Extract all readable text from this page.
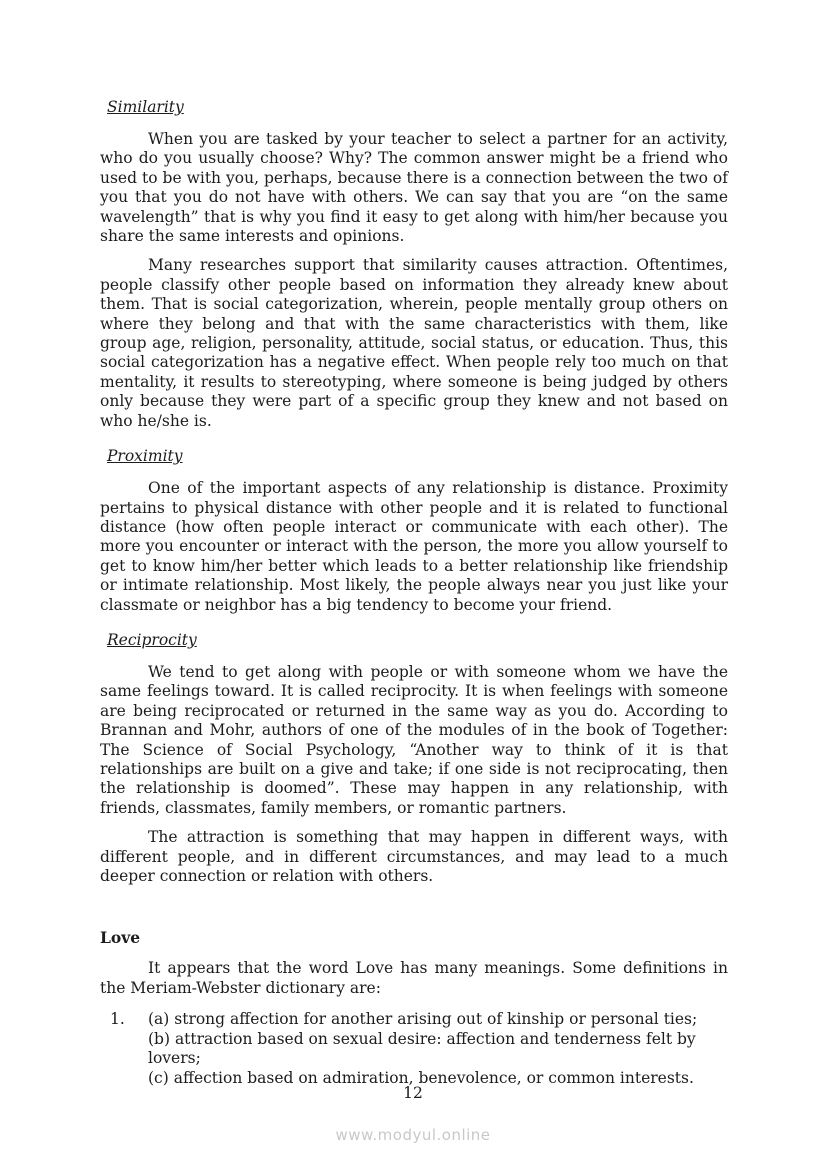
Similarity

When you are tasked by your teacher to select a partner for an activity, who do you usually choose? Why? The common answer might be a friend who used to be with you, perhaps, because there is a connection between the two of you that you do not have with others. We can say that you are “on the same wavelength” that is why you find it easy to get along with him/her because you share the same interests and opinions.

Many researches support that similarity causes attraction. Oftentimes, people classify other people based on information they already knew about them. That is social categorization, wherein, people mentally group others on where they belong and that with the same characteristics with them, like group age, religion, personality, attitude, social status, or education. Thus, this social categorization has a negative effect. When people rely too much on that mentality, it results to stereotyping, where someone is being judged by others only because they were part of a specific group they knew and not based on who he/she is.

Proximity

One of the important aspects of any relationship is distance. Proximity pertains to physical distance with other people and it is related to functional distance (how often people interact or communicate with each other). The more you encounter or interact with the person, the more you allow yourself to get to know him/her better which leads to a better relationship like friendship or intimate relationship. Most likely, the people always near you just like your classmate or neighbor has a big tendency to become your friend.

Reciprocity

We tend to get along with people or with someone whom we have the same feelings toward. It is called reciprocity. It is when feelings with someone are being reciprocated or returned in the same way as you do. According to Brannan and Mohr, authors of one of the modules of in the book of Together: The Science of Social Psychology, “Another way to think of it is that relationships are built on a give and take; if one side is not reciprocating, then the relationship is doomed”. These may happen in any relationship, with friends, classmates, family members, or romantic partners.

The attraction is something that may happen in different ways, with different people, and in different circumstances, and may lead to a much deeper connection or relation with others.

Love

It appears that the word Love has many meanings. Some definitions in the Meriam-Webster dictionary are:

1.	(a) strong affection for another arising out of kinship or personal ties;
(b) attraction based on sexual desire: affection and tenderness felt by lovers;
(c) affection based on admiration, benevolence, or common interests.
12
www.modyul.online
